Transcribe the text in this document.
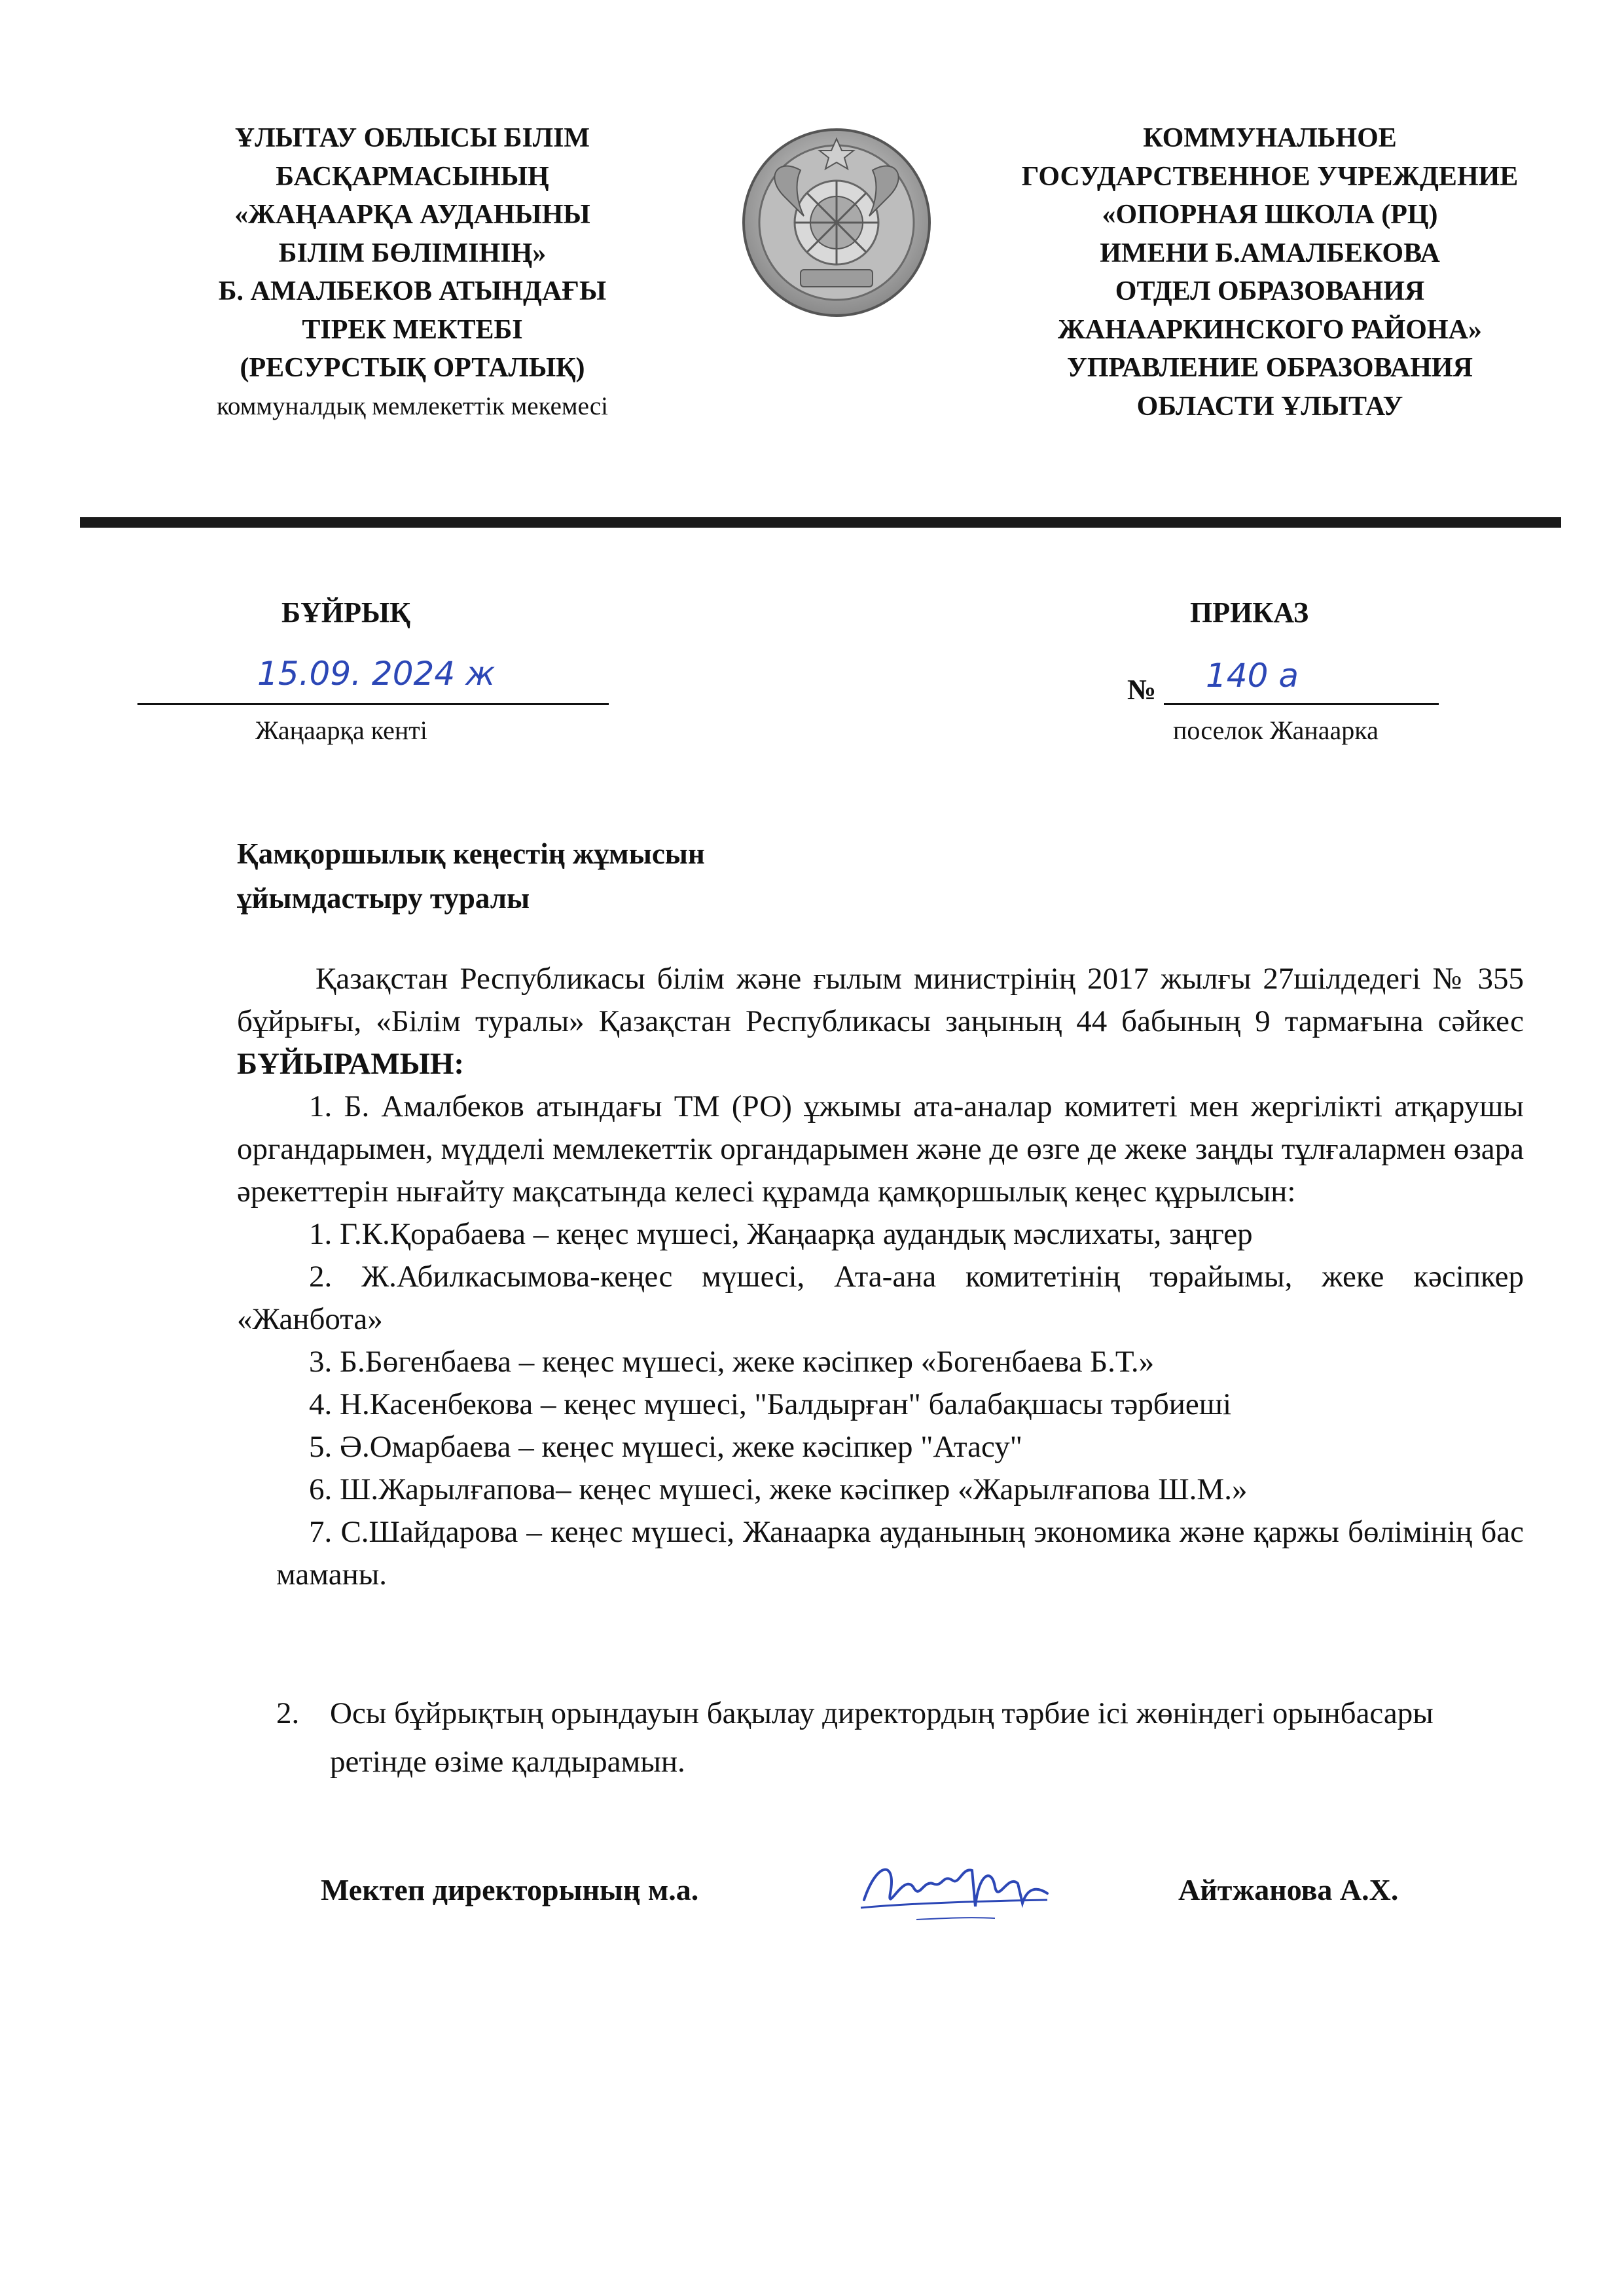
ҰЛЫТАУ ОБЛЫСЫ БІЛІМ
БАСҚАРМАСЫНЫҢ
«ЖАҢААРҚА АУДАНЫНЫ
БІЛІМ БӨЛІМІНІҢ»
Б. АМАЛБЕКОВ АТЫНДАҒЫ
ТІРЕК МЕКТЕБІ
(РЕСУРСТЫҚ ОРТАЛЫҚ)
коммуналдық мемлекеттік мекемесі
КОММУНАЛЬНОЕ
ГОСУДАРСТВЕННОЕ УЧРЕЖДЕНИЕ
«ОПОРНАЯ ШКОЛА (РЦ)
ИМЕНИ Б.АМАЛБЕКОВА
ОТДЕЛ ОБРАЗОВАНИЯ
ЖАНААРКИНСКОГО РАЙОНА»
УПРАВЛЕНИЕ ОБРАЗОВАНИЯ
ОБЛАСТИ ҰЛЫТАУ
БҰЙРЫҚ	ПРИКАЗ
15.09. 2024 ж
Жаңаарқа кенті
№ 140 а
поселок Жанаарка
Қамқоршылық кеңестің жұмысын
ұйымдастыру туралы

Қазақстан Республикасы білім және ғылым министрінің 2017 жылғы 27шілдедегі № 355 бұйрығы, «Білім туралы» Қазақстан Республикасы заңының 44 бабының 9 тармағына сәйкес БҰЙЫРАМЫН:

1. Б. Амалбеков атындағы ТМ (РО) ұжымы ата-аналар комитеті мен жергілікті атқарушы органдарымен, мүдделі мемлекеттік органдарымен және де өзге де жеке заңды тұлғалармен өзара әрекеттерін нығайту мақсатында келесі құрамда қамқоршылық кеңес құрылсын:

1. Г.К.Қорабаева – кеңес мүшесі, Жаңаарқа аудандық мәслихаты, заңгер

2. Ж.Абилкасымова-кеңес мүшесі, Ата-ана комитетінің төрайымы, жеке кәсіпкер «Жанбота»

3. Б.Бөгенбаева – кеңес мүшесі, жеке кәсіпкер «Богенбаева Б.Т.»

4. Н.Касенбекова – кеңес мүшесі, "Балдырған" балабақшасы тәрбиеші

5. Ә.Омарбаева – кеңес мүшесі, жеке кәсіпкер "Атасу"

6. Ш.Жарылғапова– кеңес мүшесі, жеке кәсіпкер «Жарылғапова Ш.М.»

7. С.Шайдарова – кеңес мүшесі, Жанаарка ауданының экономика және қаржы бөлімінің бас маманы.

2. Осы бұйрықтың орындауын бақылау директордың тәрбие ісі жөніндегі орынбасары ретінде өзіме қалдырамын.
Мектеп директорының м.а.	Айтжанова А.Х.
